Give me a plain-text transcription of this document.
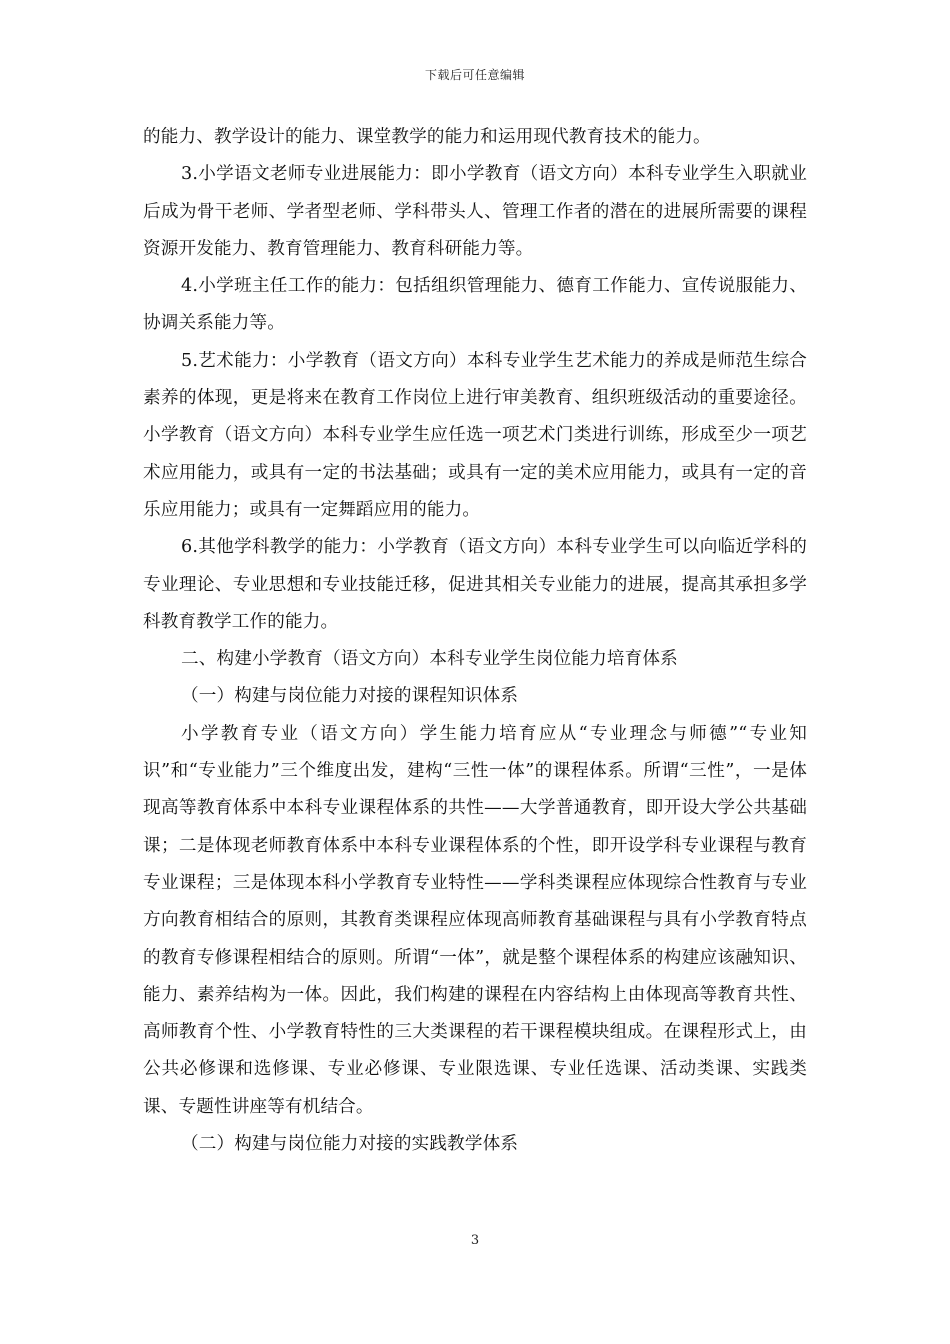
下载后可任意编辑

的能力、教学设计的能力、课堂教学的能力和运用现代教育技术的能力。

3.小学语文老师专业进展能力：即小学教育（语文方向）本科专业学生入职就业后成为骨干老师、学者型老师、学科带头人、管理工作者的潜在的进展所需要的课程资源开发能力、教育管理能力、教育科研能力等。

4.小学班主任工作的能力：包括组织管理能力、德育工作能力、宣传说服能力、协调关系能力等。

5.艺术能力：小学教育（语文方向）本科专业学生艺术能力的养成是师范生综合素养的体现，更是将来在教育工作岗位上进行审美教育、组织班级活动的重要途径。小学教育（语文方向）本科专业学生应任选一项艺术门类进行训练，形成至少一项艺术应用能力，或具有一定的书法基础；或具有一定的美术应用能力，或具有一定的音乐应用能力；或具有一定舞蹈应用的能力。

6.其他学科教学的能力：小学教育（语文方向）本科专业学生可以向临近学科的专业理论、专业思想和专业技能迁移，促进其相关专业能力的进展，提高其承担多学科教育教学工作的能力。

二、构建小学教育（语文方向）本科专业学生岗位能力培育体系

（一）构建与岗位能力对接的课程知识体系

小学教育专业（语文方向）学生能力培育应从“专业理念与师德”“专业知识”和“专业能力”三个维度出发，建构“三性一体”的课程体系。所谓“三性”，一是体现高等教育体系中本科专业课程体系的共性——大学普通教育，即开设大学公共基础课；二是体现老师教育体系中本科专业课程体系的个性，即开设学科专业课程与教育专业课程；三是体现本科小学教育专业特性——学科类课程应体现综合性教育与专业方向教育相结合的原则，其教育类课程应体现高师教育基础课程与具有小学教育特点的教育专修课程相结合的原则。所谓“一体”，就是整个课程体系的构建应该融知识、能力、素养结构为一体。因此，我们构建的课程在内容结构上由体现高等教育共性、高师教育个性、小学教育特性的三大类课程的若干课程模块组成。在课程形式上，由公共必修课和选修课、专业必修课、专业限选课、专业任选课、活动类课、实践类课、专题性讲座等有机结合。

（二）构建与岗位能力对接的实践教学体系

3
